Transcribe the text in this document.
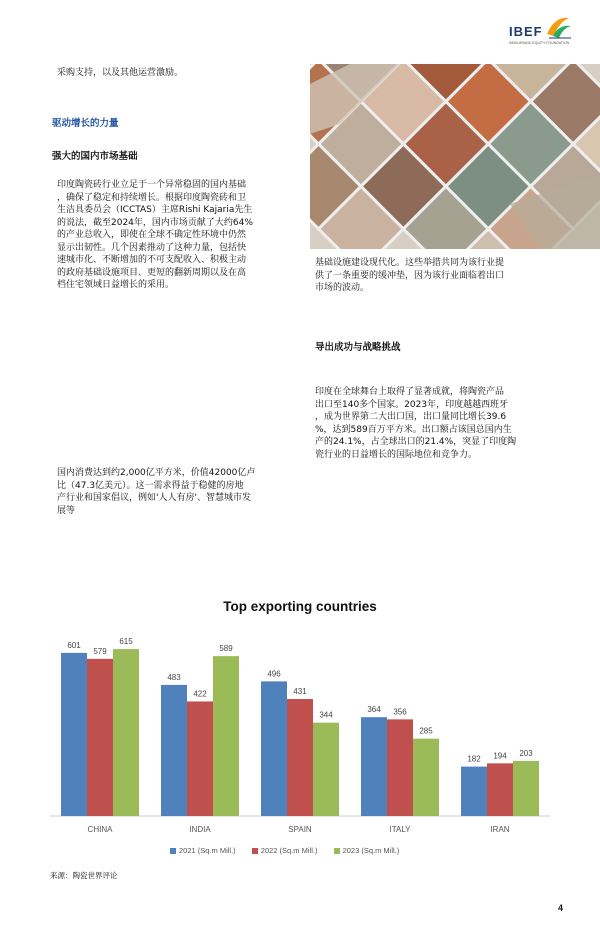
IBEF
INDIA BRAND EQUITY FOUNDATION
采购支持，以及其他运营激励。
驱动增长的力量
强大的国内市场基础
印度陶瓷砖行业立足于一个异常稳固的国内基础
，确保了稳定和持续增长。根据印度陶瓷砖和卫
生洁具委员会（ICCTAS）主席Rishi Kajaria先生
的说法，截至2024年，国内市场贡献了大约64%
的产业总收入，即使在全球不确定性环境中仍然
显示出韧性。几个因素推动了这种力量，包括快
速城市化、不断增加的不可支配收入、积极主动
的政府基础设施项目、更短的翻新周期以及在高
档住宅领域日益增长的采用。
国内消费达到约2,000亿平方米，价值42000亿卢
比（47.3亿美元）。这一需求得益于稳健的房地
产行业和国家倡议，例如'人人有房'、智慧城市发
展等
基础设施建设现代化。这些举措共同为该行业提
供了一条重要的缓冲垫，因为该行业面临着出口
市场的波动。
导出成功与战略挑战
印度在全球舞台上取得了显著成就，将陶瓷产品
出口至140多个国家。2023年，印度越越西班牙
，成为世界第二大出口国，出口量同比增长39.6
%，达到589百万平方米。出口额占该国总国内生
产的24.1%，占全球出口的21.4%，突显了印度陶
瓷行业的日益增长的国际地位和竞争力。
Top exporting countries
601
579
615
CHINA
483
422
589
INDIA
496
431
344
SPAIN
364 356
285
ITALY
182 194 203
IRAN
2021 (Sq.m Mill.)	2022 (Sq.m Mill.)	2023 (Sq.m Mill.)
来源：陶瓷世界评论
4
